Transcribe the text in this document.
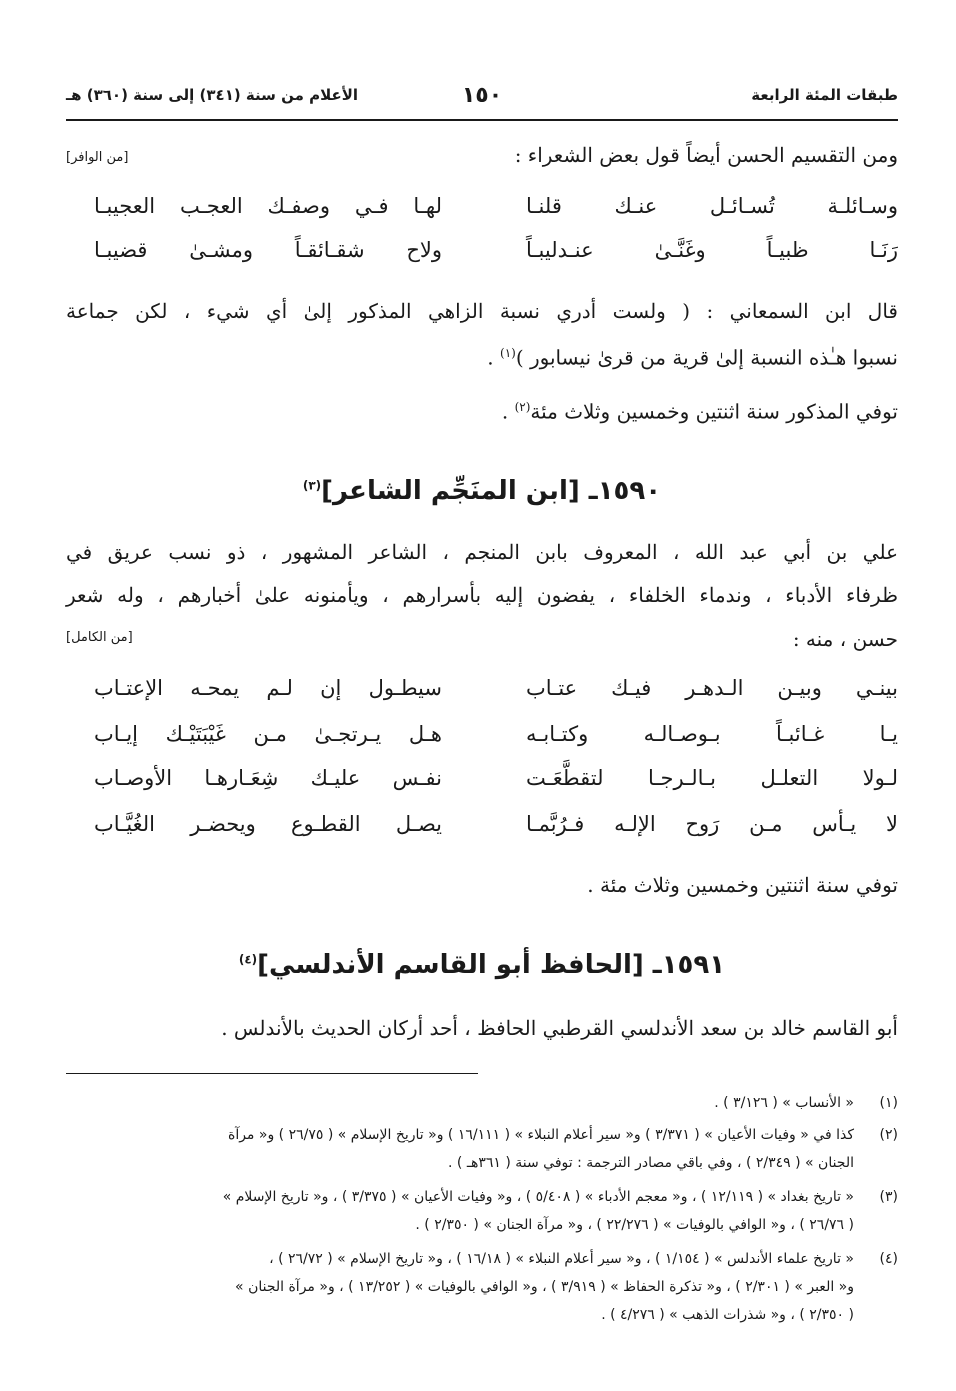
طبقات المئة الرابعة
١٥٠
الأعلام من سنة (٣٤١) إلى سنة (٣٦٠) هـ
ومن التقسيم الحسن أيضاً قول بعض الشعراء :
[من الوافر]
وسـائلـة تُسـائـل عنـك قلنـا
لهـا فـي وصفـك العجـب العجيبـا
رَنَـا ظبيـاً وغَنَّـىٰ عنـدليبـاً
ولاح شقـائقـاً ومشـىٰ قضيبـا
قال ابن السمعاني : ( ولست أدري نسبة الزاهي المذكور إلىٰ أي شيء ، لكن جماعة
نسبوا هـٰذه النسبة إلىٰ قرية من قرىٰ نيسابور )$^{(١)}$ .
توفي المذكور سنة اثنتين وخمسين وثلاث مئة$^{(٢)}$ .
١٥٩٠ـ [ابن المنَجِّم الشاعر]$^{(٣)}$
علي بن أبي عبد الله ، المعروف بابن المنجم ، الشاعر المشهور ، ذو نسب عريق في
ظرفاء الأدباء ، وندماء الخلفاء ، يفضون إليه بأسرارهم ، ويأمنونه علىٰ أخبارهم ، وله شعر
حسن ، منه :
[من الكامل]
بينـي وبيـن الـدهـر فيـك عتـاب
سيطـول إن لـم يمحـه الإعتـاب
يـا غـائبـاً بـوصـالـه وكتـابـه
هـل يـرتجـىٰ مـن غَيْبَتَيْـك إيـاب
لـولا التعلـل بـالـرجـا لتقطَّعَـت
نفـس عليـك شِعَـارهـا الأوصـاب
لا يـأس مـن رَوح الإلـه فـرُبَّمـا
يصـل القطـوع ويحضـر الغُيَّـاب
توفي سنة اثنتين وخمسين وثلاث مئة .
١٥٩١ـ [الحافظ أبو القاسم الأندلسي]$^{(٤)}$
أبو القاسم خالد بن سعد الأندلسي القرطبي الحافظ ، أحد أركان الحديث بالأندلس .
(١)
« الأنساب » ( ٣/١٢٦ ) .
(٢)
كذا في « وفيات الأعيان » ( ٣/٣٧١ ) و« سير أعلام النبلاء » ( ١٦/١١١ ) و« تاريخ الإسلام » ( ٢٦/٧٥ ) و« مرآة
الجنان » ( ٢/٣٤٩ ) ، وفي باقي مصادر الترجمة : توفي سنة ( ٣٦١هـ ) .
(٣)
« تاريخ بغداد » ( ١٢/١١٩ ) ، و« معجم الأدباء » ( ٥/٤٠٨ ) ، و« وفيات الأعيان » ( ٣/٣٧٥ ) ، و« تاريخ الإسلام »
( ٢٦/٧٦ ) ، و« الوافي بالوفيات » ( ٢٢/٢٧٦ ) ، و« مرآة الجنان » ( ٢/٣٥٠ ) .
(٤)
« تاريخ علماء الأندلس » ( ١/١٥٤ ) ، و« سير أعلام النبلاء » ( ١٦/١٨ ) ، و« تاريخ الإسلام » ( ٢٦/٧٢ ) ،
و« العبر » ( ٢/٣٠١ ) ، و« تذكرة الحفاظ » ( ٣/٩١٩ ) ، و« الوافي بالوفيات » ( ١٣/٢٥٢ ) ، و« مرآة الجنان »
( ٢/٣٥٠ ) ، و« شذرات الذهب » ( ٤/٢٧٦ ) .
